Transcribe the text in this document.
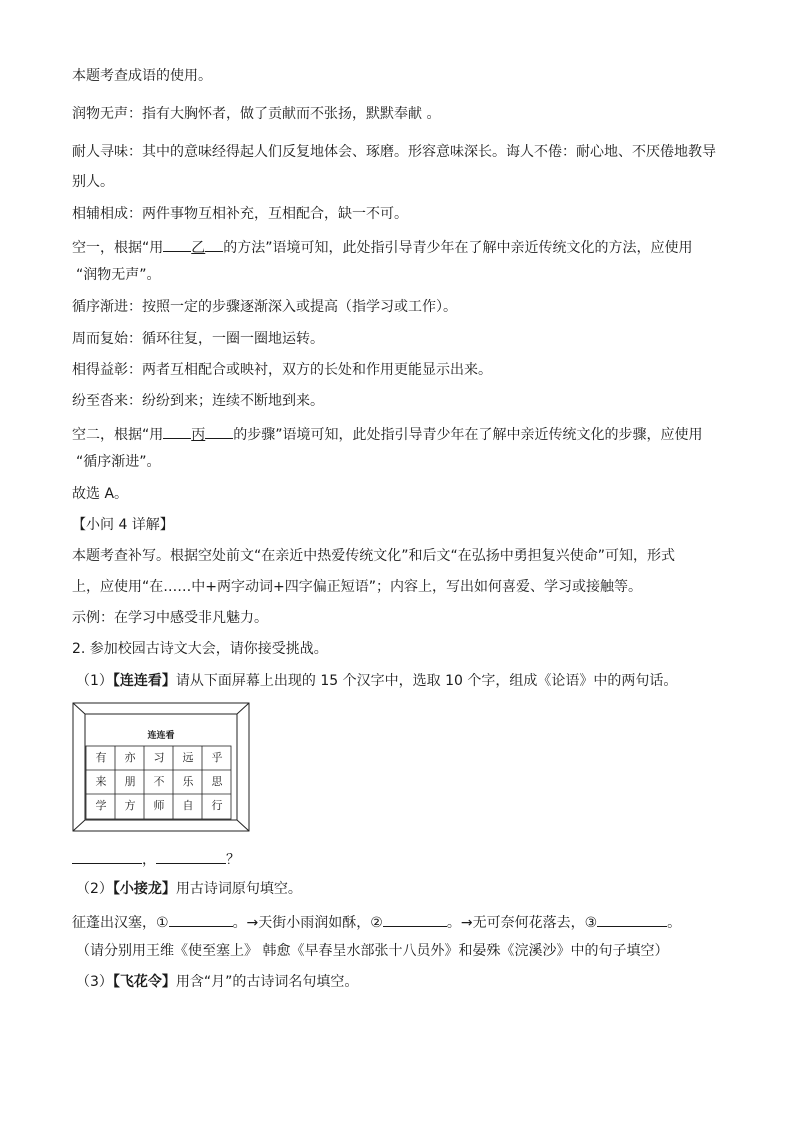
本题考查成语的使用。
润物无声：指有大胸怀者，做了贡献而不张扬，默默奉献 。
耐人寻味：其中的意味经得起人们反复地体会、琢磨。形容意味深长。诲人不倦：耐心地、不厌倦地教导
别人。
相辅相成：两件事物互相补充，互相配合，缺一不可。
空一，根据“用 乙 的方法”语境可知，此处指引导青少年在了解中亲近传统文化的方法，应使用
“润物无声”。
循序渐进：按照一定的步骤逐渐深入或提高（指学习或工作）。
周而复始：循环往复，一圈一圈地运转。
相得益彰：两者互相配合或映衬，双方的长处和作用更能显示出来。
纷至沓来：纷纷到来；连续不断地到来。
空二，根据“用 丙 的步骤”语境可知，此处指引导青少年在了解中亲近传统文化的步骤，应使用
“循序渐进”。
故选 A。
【小问 4 详解】
本题考查补写。根据空处前文“在亲近中热爱传统文化”和后文“在弘扬中勇担复兴使命”可知，形式
上，应使用“在……中+两字动词+四字偏正短语”；内容上，写出如何喜爱、学习或接触等。
示例：在学习中感受非凡魅力。
2. 参加校园古诗文大会，请你接受挑战。
（1）【连连看】请从下面屏幕上出现的 15 个汉字中，选取 10 个字，组成《论语》中的两句话。
连连看
有	亦	习	远	乎
来	朋	不	乐	思
学	方	师	自	行
，	？
（2）【小接龙】用古诗词原句填空。
征蓬出汉塞，①	。→天街小雨润如酥，②	。→无可奈何花落去，③	。
（请分别用王维《使至塞上》 韩愈《早春呈水部张十八员外》和晏殊《浣溪沙》中的句子填空）
（3）【飞花令】用含“月”的古诗词名句填空。
